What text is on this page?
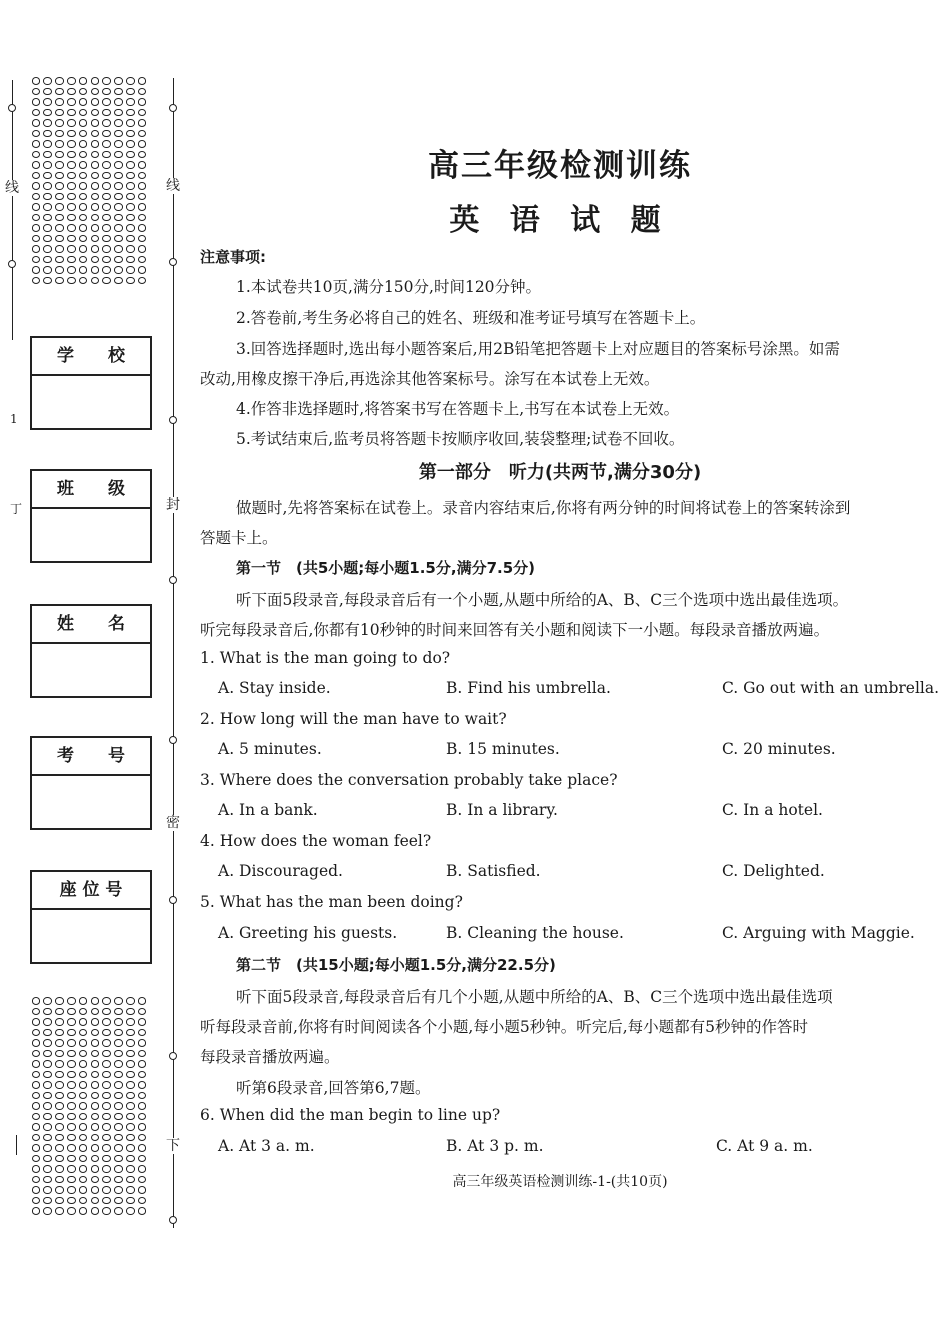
线
1
丁
线
封
密
下
学　　校
班　　级
姓　　名
考　　号
座 位 号
高三年级检测训练
英 语 试 题
注意事项:
1.本试卷共10页,满分150分,时间120分钟。
2.答卷前,考生务必将自己的姓名、班级和准考证号填写在答题卡上。
3.回答选择题时,选出每小题答案后,用2B铅笔把答题卡上对应题目的答案标号涂黑。如需
改动,用橡皮擦干净后,再选涂其他答案标号。涂写在本试卷上无效。
4.作答非选择题时,将答案书写在答题卡上,书写在本试卷上无效。
5.考试结束后,监考员将答题卡按顺序收回,装袋整理;试卷不回收。
第一部分　听力(共两节,满分30分)
做题时,先将答案标在试卷上。录音内容结束后,你将有两分钟的时间将试卷上的答案转涂到
答题卡上。
第一节　(共5小题;每小题1.5分,满分7.5分)
听下面5段录音,每段录音后有一个小题,从题中所给的A、B、C三个选项中选出最佳选项。
听完每段录音后,你都有10秒钟的时间来回答有关小题和阅读下一小题。每段录音播放两遍。
1. What is the man going to do?
A. Stay inside.	B. Find his umbrella.	C. Go out with an umbrella.
2. How long will the man have to wait?
A. 5 minutes.	B. 15 minutes.	C. 20 minutes.
3. Where does the conversation probably take place?
A. In a bank.	B. In a library.	C. In a hotel.
4. How does the woman feel?
A. Discouraged.	B. Satisfied.	C. Delighted.
5. What has the man been doing?
A. Greeting his guests.	B. Cleaning the house.	C. Arguing with Maggie.
第二节　(共15小题;每小题1.5分,满分22.5分)
听下面5段录音,每段录音后有几个小题,从题中所给的A、B、C三个选项中选出最佳选项
听每段录音前,你将有时间阅读各个小题,每小题5秒钟。听完后,每小题都有5秒钟的作答时
每段录音播放两遍。
听第6段录音,回答第6,7题。
6. When did the man begin to line up?
A. At 3 a. m.	B. At 3 p. m.	C. At 9 a. m.
高三年级英语检测训练-1-(共10页)
